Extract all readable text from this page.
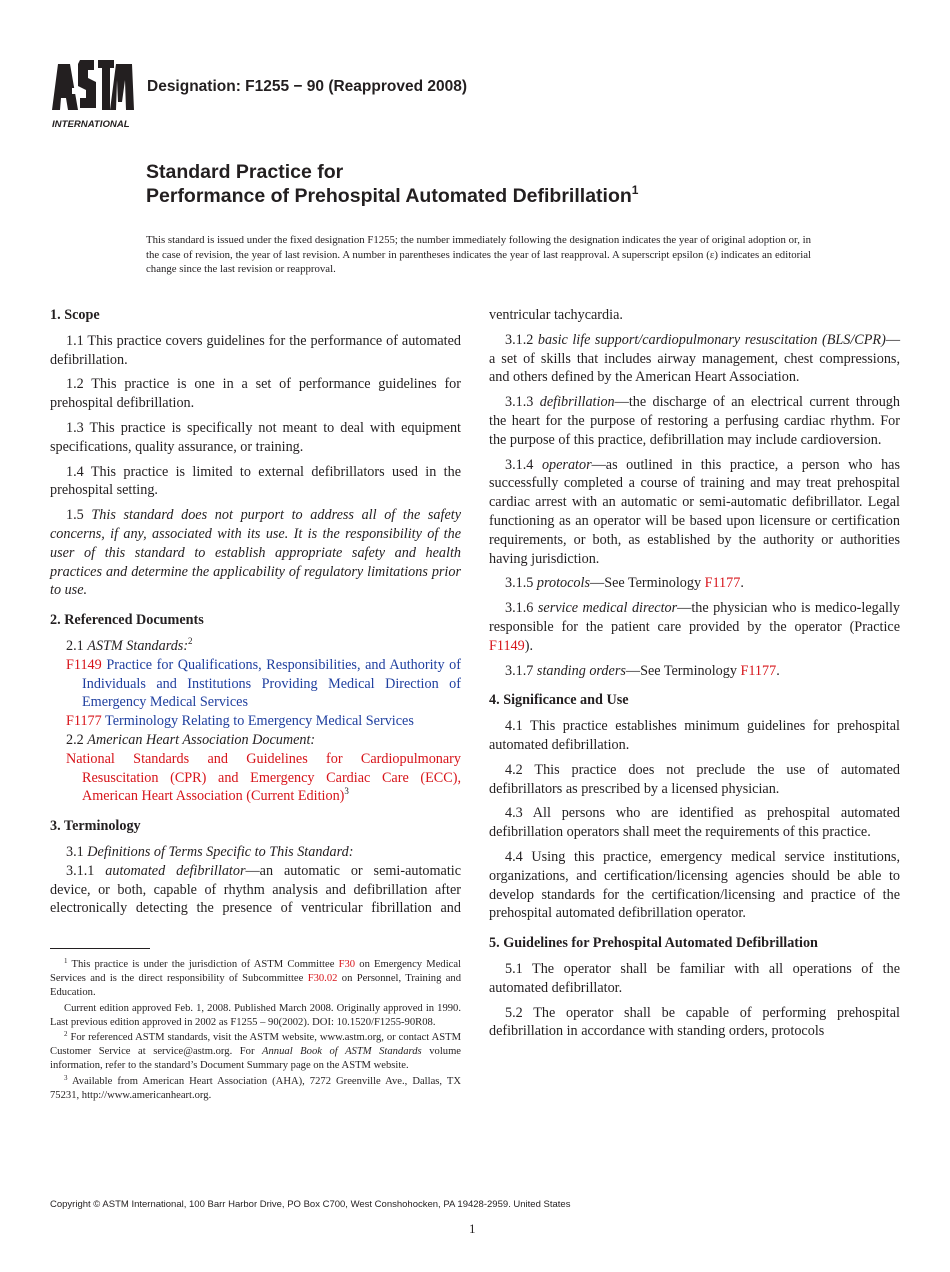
INTERNATIONAL
Designation: F1255 − 90 (Reapproved 2008)
Standard Practice for
Performance of Prehospital Automated Defibrillation$^1$
This standard is issued under the fixed designation F1255; the number immediately following the designation indicates the year of original adoption or, in the case of revision, the year of last revision. A number in parentheses indicates the year of last reapproval. A superscript epsilon (ε) indicates an editorial change since the last revision or reapproval.
1. Scope

1.1 This practice covers guidelines for the performance of automated defibrillation.

1.2 This practice is one in a set of performance guidelines for prehospital defibrillation.

1.3 This practice is specifically not meant to deal with equipment specifications, quality assurance, or training.

1.4 This practice is limited to external defibrillators used in the prehospital setting.

1.5 This standard does not purport to address all of the safety concerns, if any, associated with its use. It is the responsibility of the user of this standard to establish appropriate safety and health practices and determine the applicability of regulatory limitations prior to use.

2. Referenced Documents

2.1 ASTM Standards:$^2$

F1149 Practice for Qualifications, Responsibilities, and Authority of Individuals and Institutions Providing Medical Direction of Emergency Medical Services

F1177 Terminology Relating to Emergency Medical Services

2.2 American Heart Association Document:

National Standards and Guidelines for Cardiopulmonary Resuscitation (CPR) and Emergency Cardiac Care (ECC), American Heart Association (Current Edition)$^3$

3. Terminology

3.1 Definitions of Terms Specific to This Standard:

3.1.1 automated defibrillator—an automatic or semi-automatic device, or both, capable of rhythm analysis and defibrillation after electronically detecting the presence of ventricular fibrillation and

ventricular tachycardia.

3.1.2 basic life support/cardiopulmonary resuscitation (BLS/CPR)—a set of skills that includes airway management, chest compressions, and others defined by the American Heart Association.

3.1.3 defibrillation—the discharge of an electrical current through the heart for the purpose of restoring a perfusing cardiac rhythm. For the purpose of this practice, defibrillation may include cardioversion.

3.1.4 operator—as outlined in this practice, a person who has successfully completed a course of training and may treat prehospital cardiac arrest with an automatic or semi-automatic defibrillator. Legal functioning as an operator will be based upon licensure or certification requirements, or both, as established by the authority or authorities having jurisdiction.

3.1.5 protocols—See Terminology F1177.

3.1.6 service medical director—the physician who is medico-legally responsible for the patient care provided by the operator (Practice F1149).

3.1.7 standing orders—See Terminology F1177.

4. Significance and Use

4.1 This practice establishes minimum guidelines for prehospital automated defibrillation.

4.2 This practice does not preclude the use of automated defibrillators as prescribed by a licensed physician.

4.3 All persons who are identified as prehospital automated defibrillation operators shall meet the requirements of this practice.

4.4 Using this practice, emergency medical service institutions, organizations, and certification/licensing agencies should be able to develop standards for the certification/licensing and practice of the prehospital automated defibrillation operator.

5. Guidelines for Prehospital Automated Defibrillation

5.1 The operator shall be familiar with all operations of the automated defibrillator.

5.2 The operator shall be capable of performing prehospital defibrillation in accordance with standing orders, protocols

$^1$ This practice is under the jurisdiction of ASTM Committee F30 on Emergency Medical Services and is the direct responsibility of Subcommittee F30.02 on Personnel, Training and Education.

Current edition approved Feb. 1, 2008. Published March 2008. Originally approved in 1990. Last previous edition approved in 2002 as F1255 – 90(2002). DOI: 10.1520/F1255-90R08.

$^2$ For referenced ASTM standards, visit the ASTM website, www.astm.org, or contact ASTM Customer Service at service@astm.org. For Annual Book of ASTM Standards volume information, refer to the standard’s Document Summary page on the ASTM website.

$^3$ Available from American Heart Association (AHA), 7272 Greenville Ave., Dallas, TX 75231, http://www.americanheart.org.

Copyright © ASTM International, 100 Barr Harbor Drive, PO Box C700, West Conshohocken, PA 19428-2959. United States
1
